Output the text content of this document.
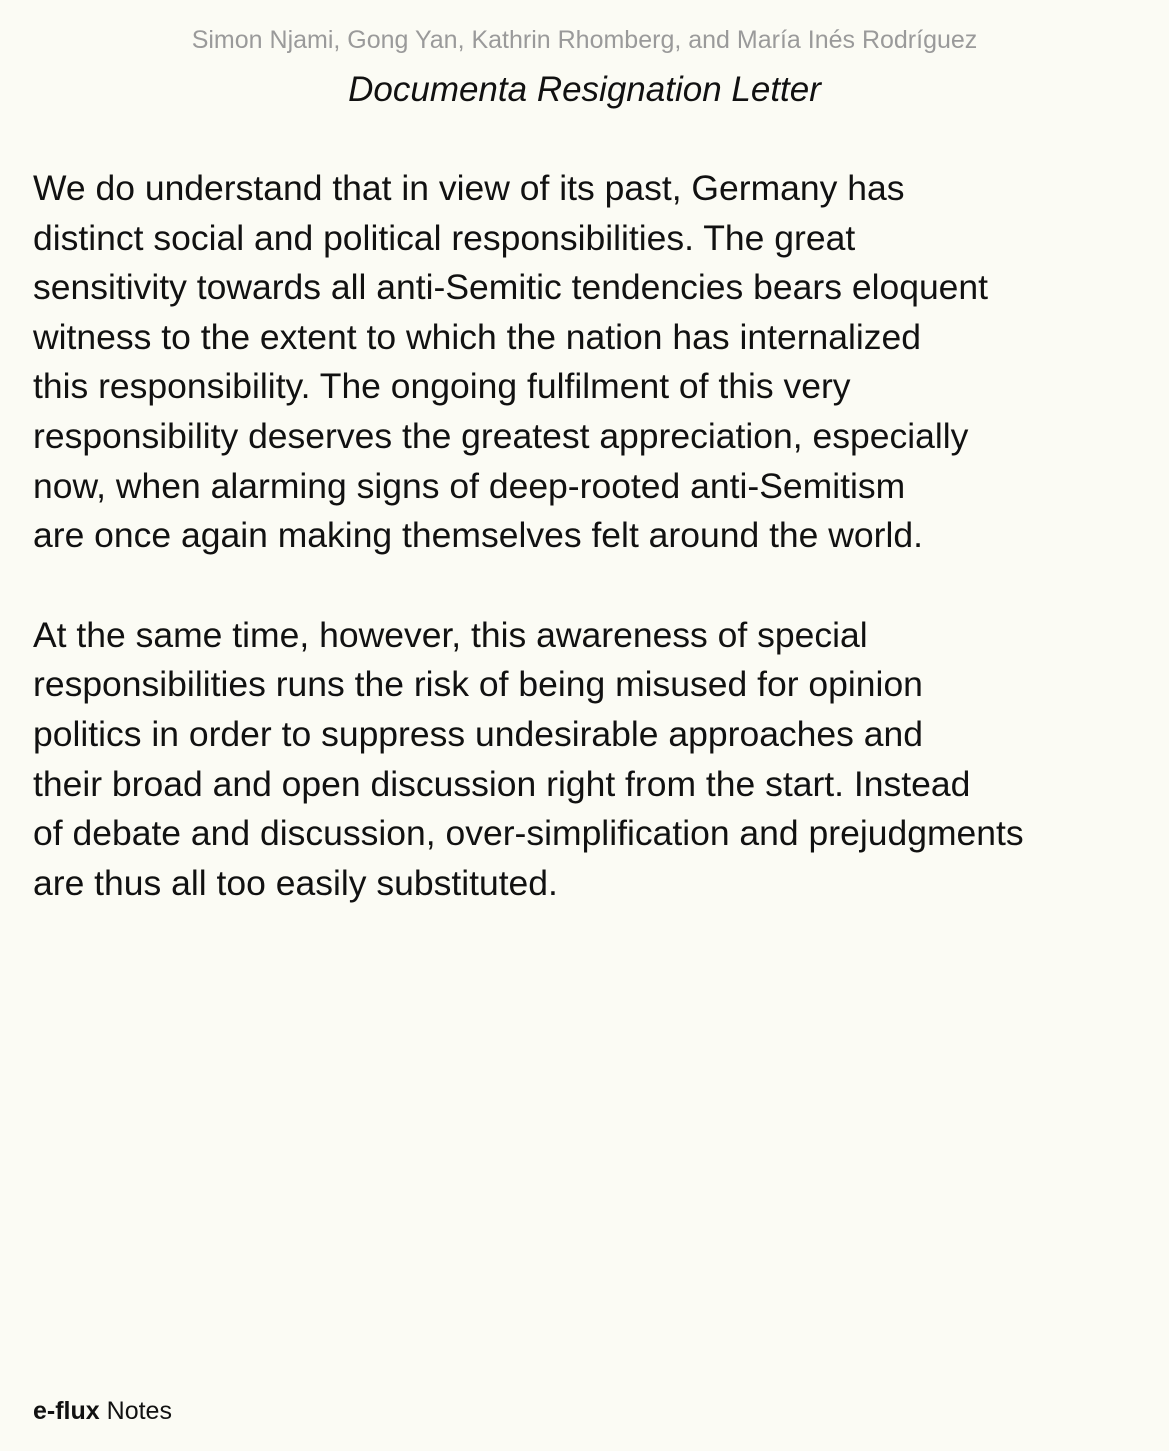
Simon Njami, Gong Yan, Kathrin Rhomberg, and María Inés Rodríguez
Documenta Resignation Letter

We do understand that in view of its past, Germany has
distinct social and political responsibilities. The great
sensitivity towards all anti-Semitic tendencies bears eloquent
witness to the extent to which the nation has internalized
this responsibility. The ongoing fulfilment of this very
responsibility deserves the greatest appreciation, especially
now, when alarming signs of deep-rooted anti-Semitism
are once again making themselves felt around the world.

At the same time, however, this awareness of special
responsibilities runs the risk of being misused for opinion
politics in order to suppress undesirable approaches and
their broad and open discussion right from the start. Instead
of debate and discussion, over-simplification and prejudgments
are thus all too easily substituted.

e-flux Notes
